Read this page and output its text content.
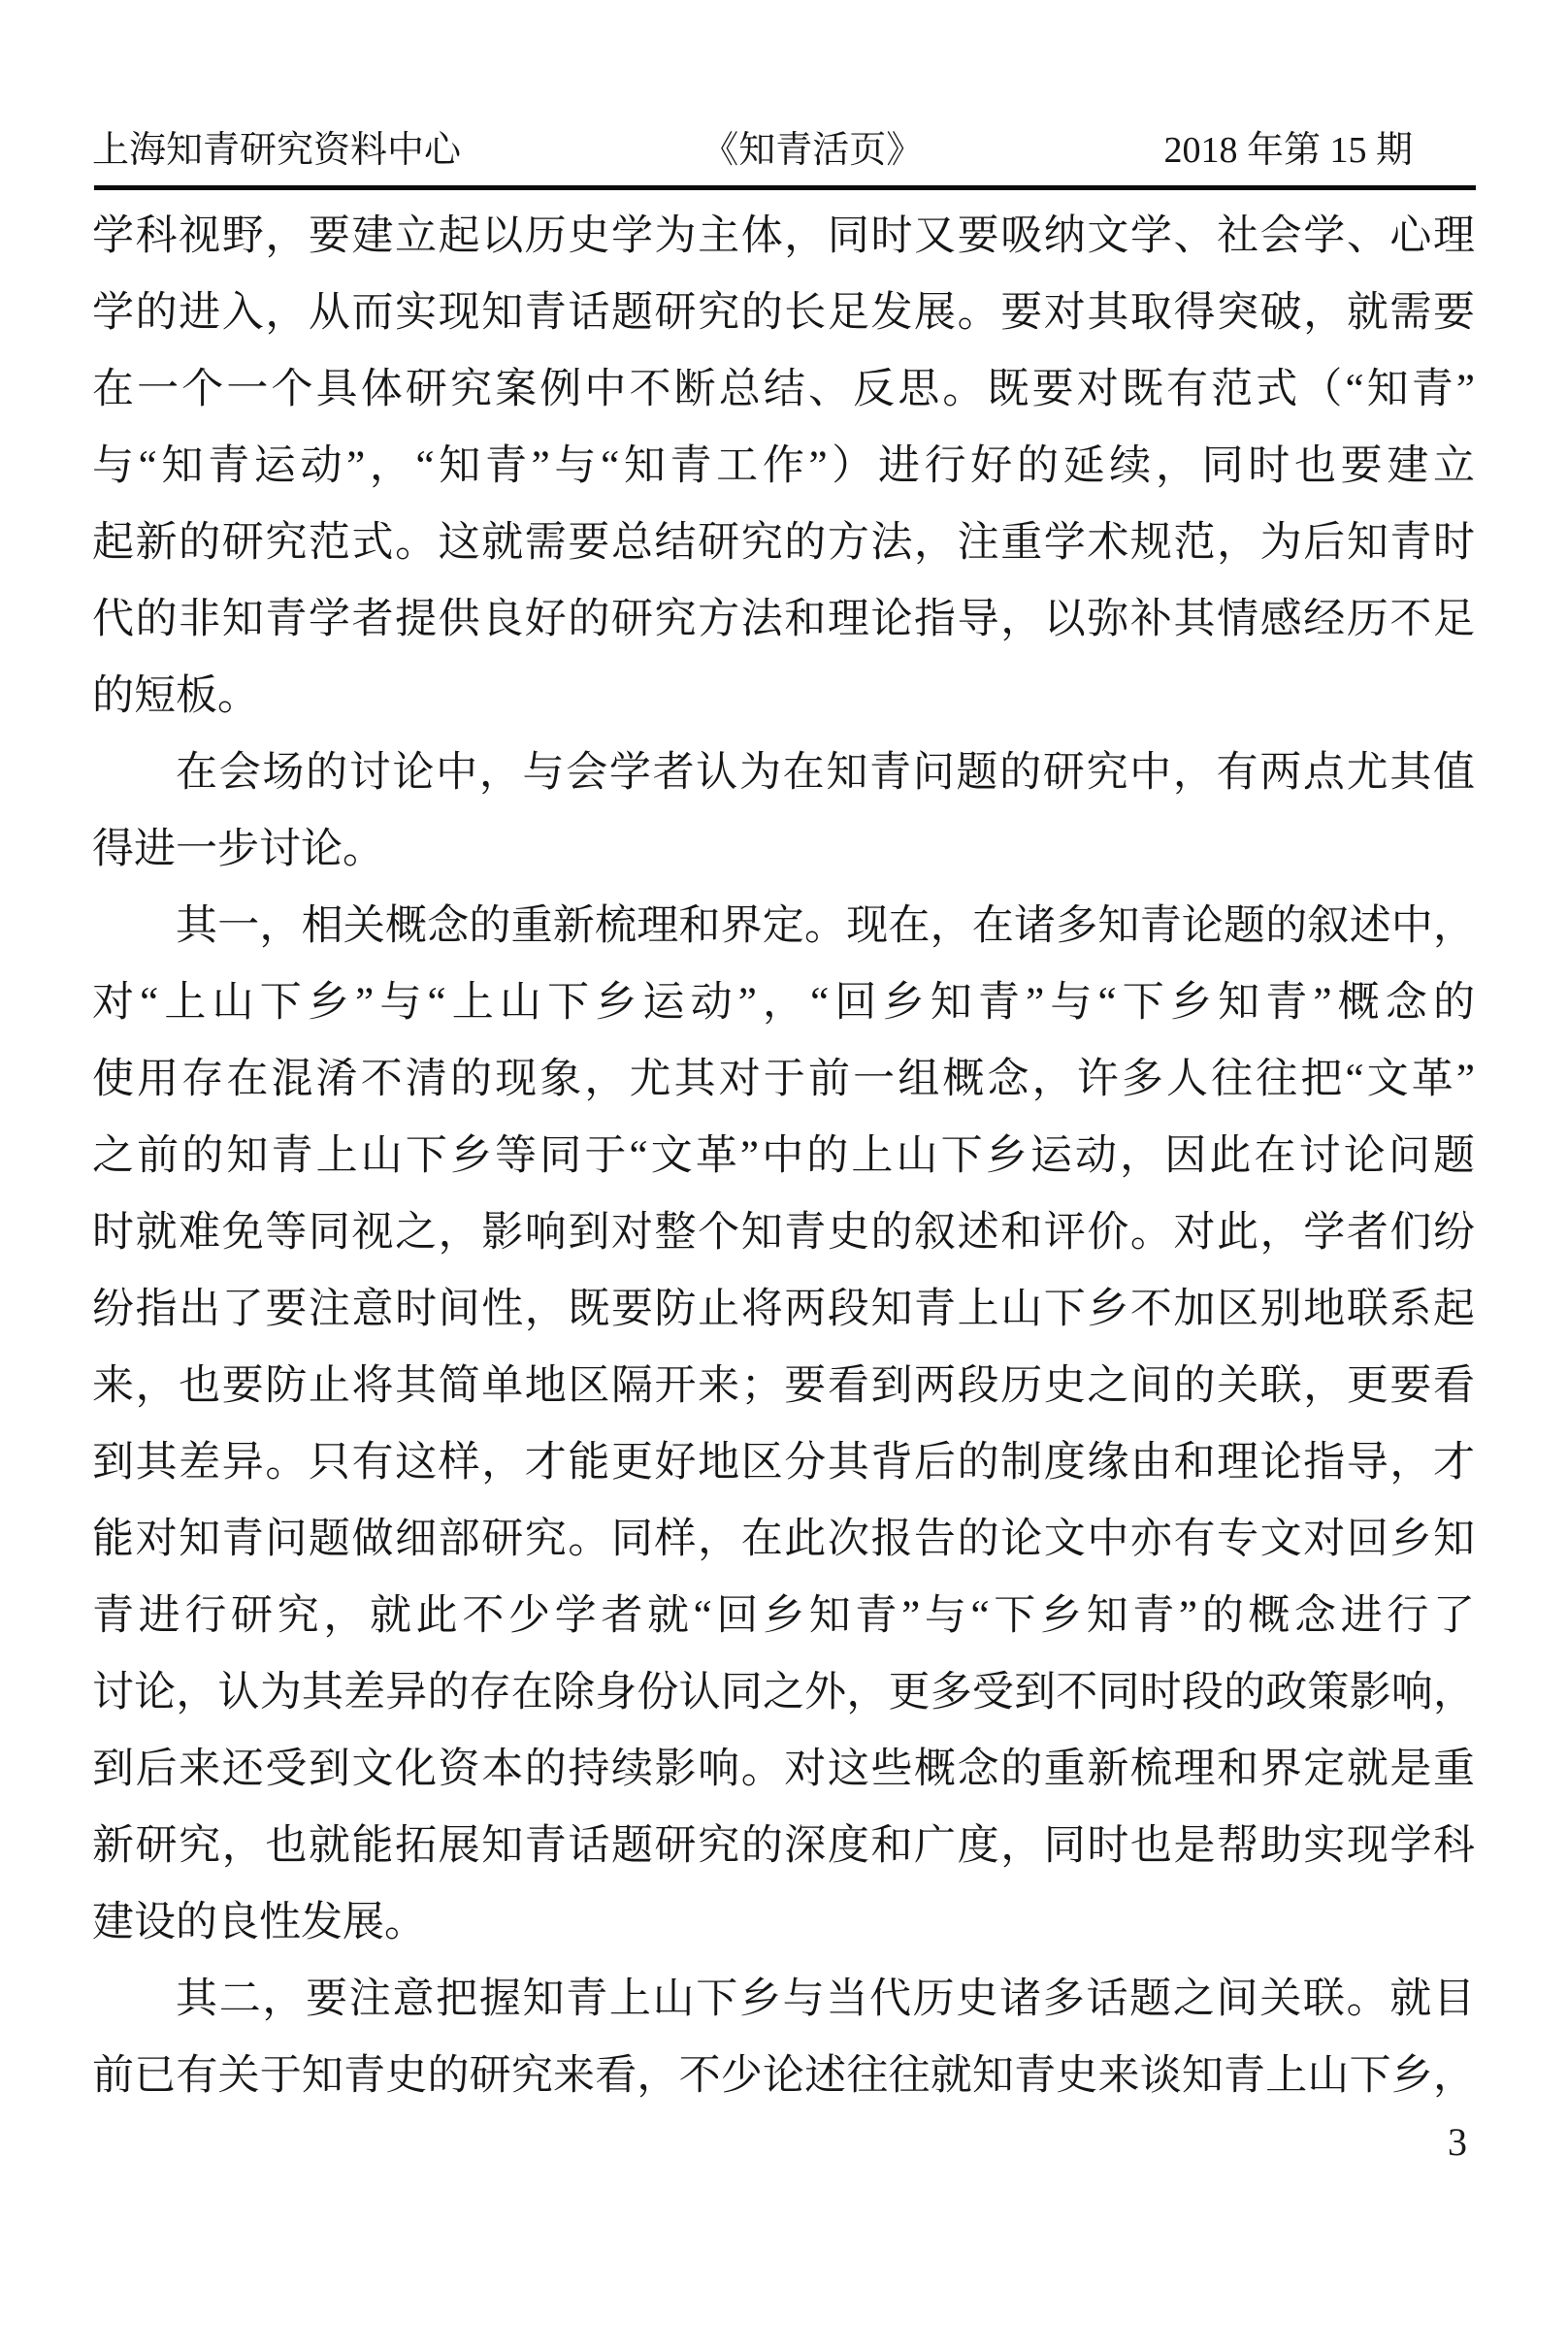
上海知青研究资料中心	《知青活页》	2018 年第 15 期
学科视野，要建立起以历史学为主体，同时又要吸纳文学、社会学、心理
学的进入，从而实现知青话题研究的长足发展。要对其取得突破，就需要
在一个一个具体研究案例中不断总结、反思。既要对既有范式（“知青”
与“知青运动”，“知青”与“知青工作”）进行好的延续，同时也要建立
起新的研究范式。这就需要总结研究的方法，注重学术规范，为后知青时
代的非知青学者提供良好的研究方法和理论指导，以弥补其情感经历不足
的短板。
在会场的讨论中，与会学者认为在知青问题的研究中，有两点尤其值
得进一步讨论。
其一，相关概念的重新梳理和界定。现在，在诸多知青论题的叙述中，
对“上山下乡”与“上山下乡运动”，“回乡知青”与“下乡知青”概念的
使用存在混淆不清的现象，尤其对于前一组概念，许多人往往把“文革”
之前的知青上山下乡等同于“文革”中的上山下乡运动，因此在讨论问题
时就难免等同视之，影响到对整个知青史的叙述和评价。对此，学者们纷
纷指出了要注意时间性，既要防止将两段知青上山下乡不加区别地联系起
来，也要防止将其简单地区隔开来；要看到两段历史之间的关联，更要看
到其差异。只有这样，才能更好地区分其背后的制度缘由和理论指导，才
能对知青问题做细部研究。同样，在此次报告的论文中亦有专文对回乡知
青进行研究，就此不少学者就“回乡知青”与“下乡知青”的概念进行了
讨论，认为其差异的存在除身份认同之外，更多受到不同时段的政策影响，
到后来还受到文化资本的持续影响。对这些概念的重新梳理和界定就是重
新研究，也就能拓展知青话题研究的深度和广度，同时也是帮助实现学科
建设的良性发展。
其二，要注意把握知青上山下乡与当代历史诸多话题之间关联。就目
前已有关于知青史的研究来看，不少论述往往就知青史来谈知青上山下乡，
3
